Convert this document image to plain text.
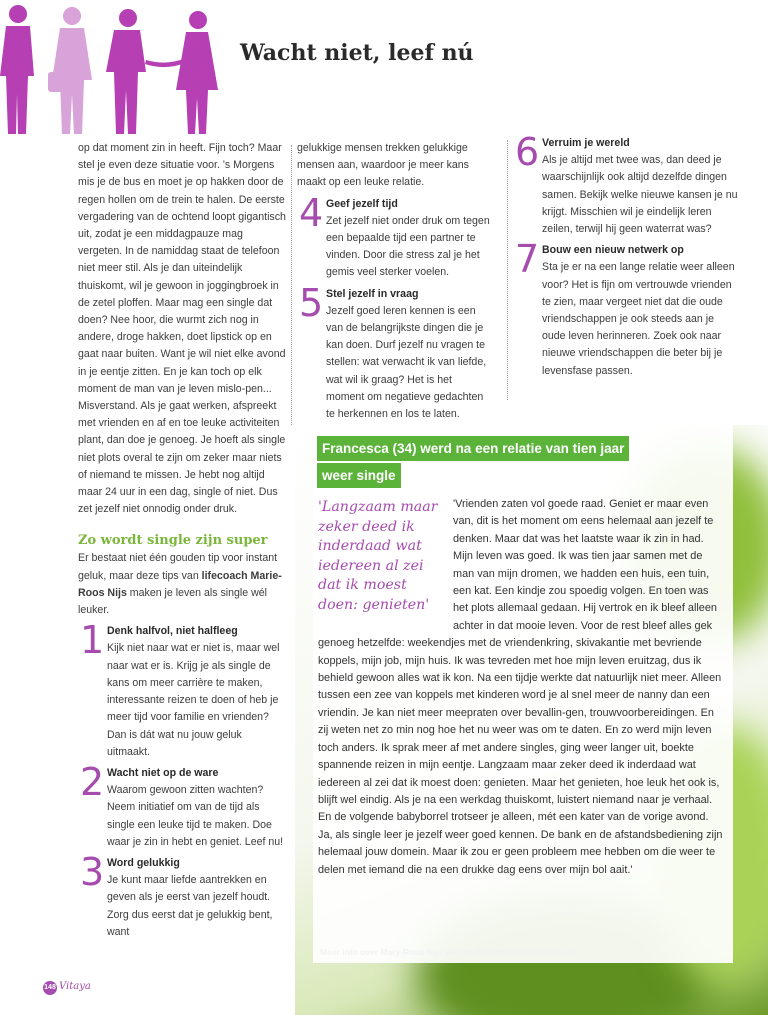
Wacht niet, leef nú

op dat moment zin in heeft. Fijn toch? Maar stel je even deze situatie voor. 's Morgens mis je de bus en moet je op hakken door de regen hollen om de trein te halen. De eerste vergadering van de ochtend loopt gigantisch uit, zodat je een middagpauze mag vergeten. In de namiddag staat de telefoon niet meer stil. Als je dan uiteindelijk thuiskomt, wil je gewoon in joggingbroek in de zetel ploffen. Maar mag een single dat doen? Nee hoor, die wurmt zich nog in andere, droge hakken, doet lipstick op en gaat naar buiten. Want je wil niet elke avond in je eentje zitten. En je kan toch op elk moment de man van je leven mislo-pen... Misverstand. Als je gaat werken, afspreekt met vrienden en af en toe leuke activiteiten plant, dan doe je genoeg. Je hoeft als single niet plots overal te zijn om zeker maar niets of niemand te missen. Je hebt nog altijd maar 24 uur in een dag, single of niet. Dus zet jezelf niet onnodig onder druk.

Zo wordt single zijn super

Er bestaat niet één gouden tip voor instant geluk, maar deze tips van lifecoach Marie-Roos Nijs maken je leven als single wél leuker.

1 Denk halfvol, niet halfleeg
Kijk niet naar wat er niet is, maar wel naar wat er is. Krijg je als single de kans om meer carrière te maken, interessante reizen te doen of heb je meer tijd voor familie en vrienden? Dan is dát wat nu jouw geluk uitmaakt.
2 Wacht niet op de ware
Waarom gewoon zitten wachten? Neem initiatief om van de tijd als single een leuke tijd te maken. Doe waar je zin in hebt en geniet. Leef nu!
3 Word gelukkig
Je kunt maar liefde aantrekken en geven als je eerst van jezelf houdt. Zorg dus eerst dat je gelukkig bent, want

gelukkige mensen trekken gelukkige mensen aan, waardoor je meer kans maakt op een leuke relatie.

4 Geef jezelf tijd
Zet jezelf niet onder druk om tegen een bepaalde tijd een partner te vinden. Door die stress zal je het gemis veel sterker voelen.
5 Stel jezelf in vraag
Jezelf goed leren kennen is een van de belangrijkste dingen die je kan doen. Durf jezelf nu vragen te stellen: wat verwacht ik van liefde, wat wil ik graag? Het is het moment om negatieve gedachten te herkennen en los te laten.
6 Verruim je wereld
Als je altijd met twee was, dan deed je waarschijnlijk ook altijd dezelfde dingen samen. Bekijk welke nieuwe kansen je nu krijgt. Misschien wil je eindelijk leren zeilen, terwijl hij geen waterrat was?
7 Bouw een nieuw netwerk op
Sta je er na een lange relatie weer alleen voor? Het is fijn om vertrouwde vrienden te zien, maar vergeet niet dat die oude vriendschappen je ook steeds aan je oude leven herinneren. Zoek ook naar nieuwe vriendschappen die beter bij je levensfase passen.
Francesca (34) werd na een relatie van tien jaar
weer single
'Vrienden zaten vol goede raad. Geniet er maar even van, dit is het moment om eens helemaal aan jezelf te denken. Maar dat was het laatste waar ik zin in had. Mijn leven was goed. Ik was tien jaar samen met de man van mijn dromen, we hadden een huis, een tuin, een kat. Een kindje zou spoedig volgen. En toen was het plots allemaal gedaan. Hij vertrok en ik bleef alleen achter in dat mooie leven. Voor de rest bleef alles gek genoeg hetzelfde: weekendjes met de vriendenkring, skivakantie met bevriende koppels, mijn job, mijn huis. Ik was tevreden met hoe mijn leven eruitzag, dus ik behield gewoon alles wat ik kon. Na een tijdje werkte dat natuurlijk niet meer. Alleen tussen een zee van koppels met kinderen word je al snel meer de nanny dan een vriendin. Je kan niet meer meepraten over bevallin-gen, trouwvoorbereidingen. En zij weten net zo min nog hoe het nu weer was om te daten. En zo werd mijn leven toch anders. Ik sprak meer af met andere singles, ging weer langer uit, boekte spannende reizen in mijn eentje. Langzaam maar zeker deed ik inderdaad wat iedereen al zei dat ik moest doen: genieten. Maar het genieten, hoe leuk het ook is, blijft wel eindig. Als je na een werkdag thuiskomt, luistert niemand naar je verhaal. En de volgende babyborrel trotseer je alleen, mét een kater van de vorige avond. Ja, als single leer je jezelf weer goed kennen. De bank en de afstandsbediening zijn helemaal jouw domein. Maar ik zou er geen probleem mee hebben om die weer te delen met iemand die na een drukke dag eens over mijn bol aait.'
'Langzaam maar zeker deed ik inderdaad wat iedereen al zei dat ik moest doen: genieten'
Meer info over Mary-Roos Nijs vind je op www.innerwellness.be
148 Vitaya
